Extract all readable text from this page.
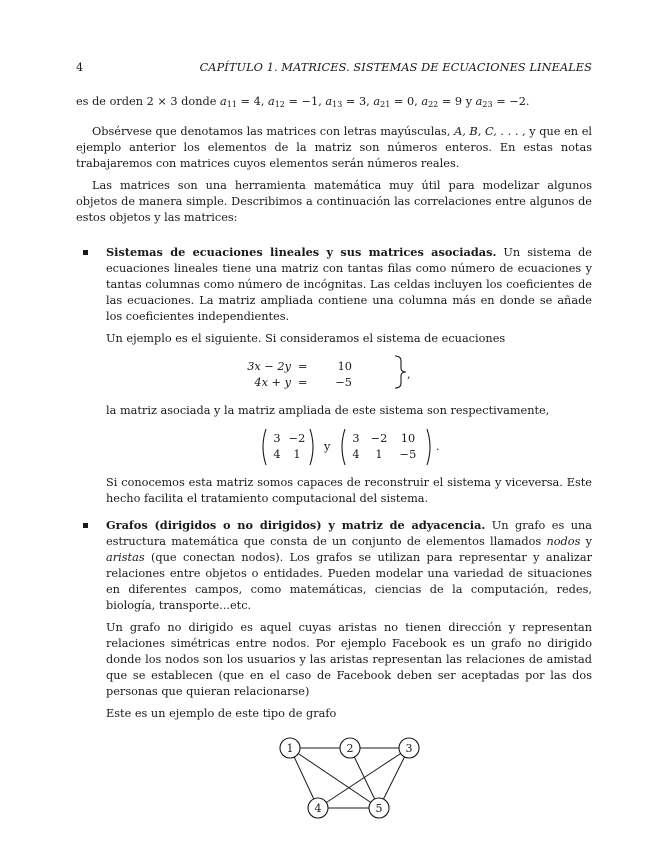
4	CAPÍTULO 1. MATRICES. SISTEMAS DE ECUACIONES LINEALES

es de orden 2 × 3 donde $a_{11} = 4$, $a_{12} = -1$, $a_{13} = 3$, $a_{21} = 0$, $a_{22} = 9$ y $a_{23} = -2$.

Obsérvese que denotamos las matrices con letras mayúsculas, A, B, C, . . . , y que en el ejemplo anterior los elementos de la matriz son números enteros. En estas notas trabajaremos con matrices cuyos elementos serán números reales.

Las matrices son una herramienta matemática muy útil para modelizar algunos objetos de manera simple. Describimos a continuación las correlaciones entre algunos de estos objetos y las matrices:

Sistemas de ecuaciones lineales y sus matrices asociadas. Un sistema de ecuaciones lineales tiene una matriz con tantas filas como número de ecuaciones y tantas columnas como número de incógnitas. Las celdas incluyen los coeficientes de las ecuaciones. La matriz ampliada contiene una columna más en donde se añade los coeficientes independientes.

Un ejemplo es el siguiente. Si consideramos el sistema de ecuaciones

3x − 2y =	10
4x + y = −5
,

la matriz asociada y la matriz ampliada de este sistema son respectivamente,

3 −2
4	1
y
3 −2 10
4	1	−5
.

Si conocemos esta matriz somos capaces de reconstruir el sistema y viceversa. Este hecho facilita el tratamiento computacional del sistema.

Grafos (dirigidos o no dirigidos) y matriz de adyacencia. Un grafo es una estructura matemática que consta de un conjunto de elementos llamados nodos y aristas (que conectan nodos). Los grafos se utilizan para representar y analizar relaciones entre objetos o entidades. Pueden modelar una variedad de situaciones en diferentes campos, como matemáticas, ciencias de la computación, redes, biología, transporte...etc.

Un grafo no dirigido es aquel cuyas aristas no tienen dirección y representan relaciones simétricas entre nodos. Por ejemplo Facebook es un grafo no dirigido donde los nodos son los usuarios y las aristas representan las relaciones de amistad que se establecen (que en el caso de Facebook deben ser aceptadas por las dos personas que quieran relacionarse)

Este es un ejemplo de este tipo de grafo

1	2	3
4	5
